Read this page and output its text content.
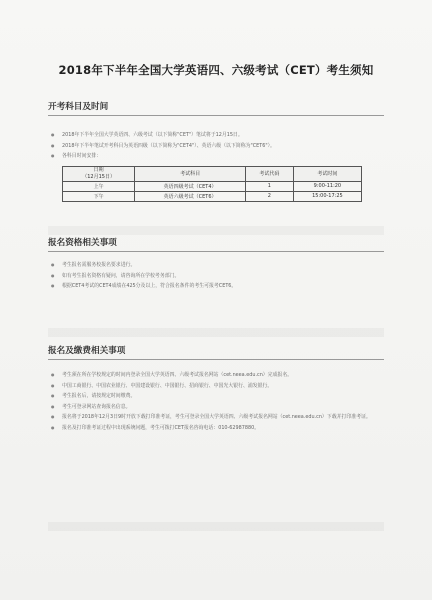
2018年下半年全国大学英语四、六级考试（CET）考生须知
开考科目及时间
● 2018年下半年全国大学英语四、六级考试（以下简称"CET"）笔试将于12月15日。
● 2018年下半年笔试开考科目为英语四级（以下简称为"CET4"）、英语六级（以下简称为"CET6"）。
● 各科目时间安排：
日期
（12月15日）	考试科目	考试代码	考试时间
上午	英语四级考试（CET4）	1	9:00-11:20
下午	英语六级考试（CET6）	2	15:00-17:25
报名资格相关事项
● 考生报名需服务校报名要求进行。
● 如有考生报名资格有疑问，请咨询所在学校考务部门。
● 根据CET4考试的CET4成绩在425分及以上，符合报名条件的考生可报考CET6。
报名及缴费相关事项
● 考生须在所在学校规定的时间内登录全国大学英语四、六级考试报名网站（cet.neea.edu.cn）完成报名。
● 中国工商银行、中国农业银行、中国建设银行、中国银行、招商银行、中国光大银行、浦发银行。
● 考生报名后，请按规定时间缴费。
● 考生可登录网站查询报名信息。
● 报名将于2018年12月3日9时开放下载打印准考证，考生可登录全国大学英语四、六级考试报名网站（cet.neea.edu.cn）下载并打印准考证。
● 报名及打印准考证过程中出现系统问题，考生可拨打CET报名咨询电话：010-62987880。
